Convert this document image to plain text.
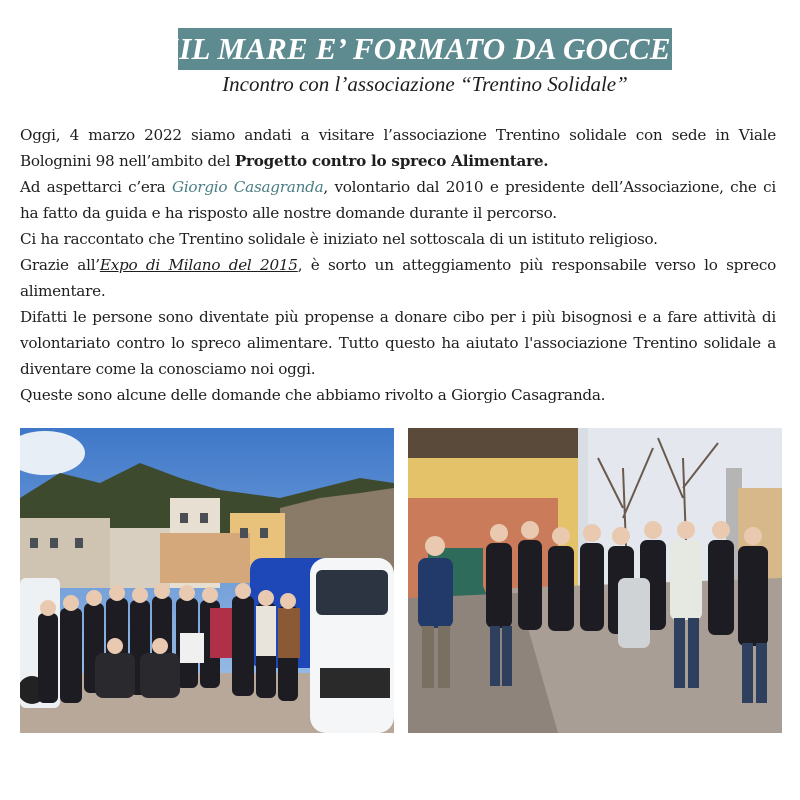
“IL MARE E’ FORMATO DA GOCCE”
Incontro con l’associazione “Trentino Solidale”

Oggi, 4 marzo 2022 siamo andati a visitare l’associazione Trentino solidale con sede in Viale Bolognini 98 nell’ambito del Progetto contro lo spreco Alimentare.

Ad aspettarci c’era Giorgio Casagranda, volontario dal 2010 e presidente dell’Associazione, che ci ha fatto da guida e ha risposto alle nostre domande durante il percorso.

Ci ha raccontato che Trentino solidale è iniziato nel sottoscala di un istituto religioso.

Grazie all’Expo di Milano del 2015, è sorto un atteggiamento più responsabile verso lo spreco alimentare.

Difatti le persone sono diventate più propense a donare cibo per i più bisognosi e a fare attività di volontariato contro lo spreco alimentare. Tutto questo ha aiutato l'associazione Trentino solidale a diventare come la conosciamo noi oggi.

Queste sono alcune delle domande che abbiamo rivolto a Giorgio Casagranda.
